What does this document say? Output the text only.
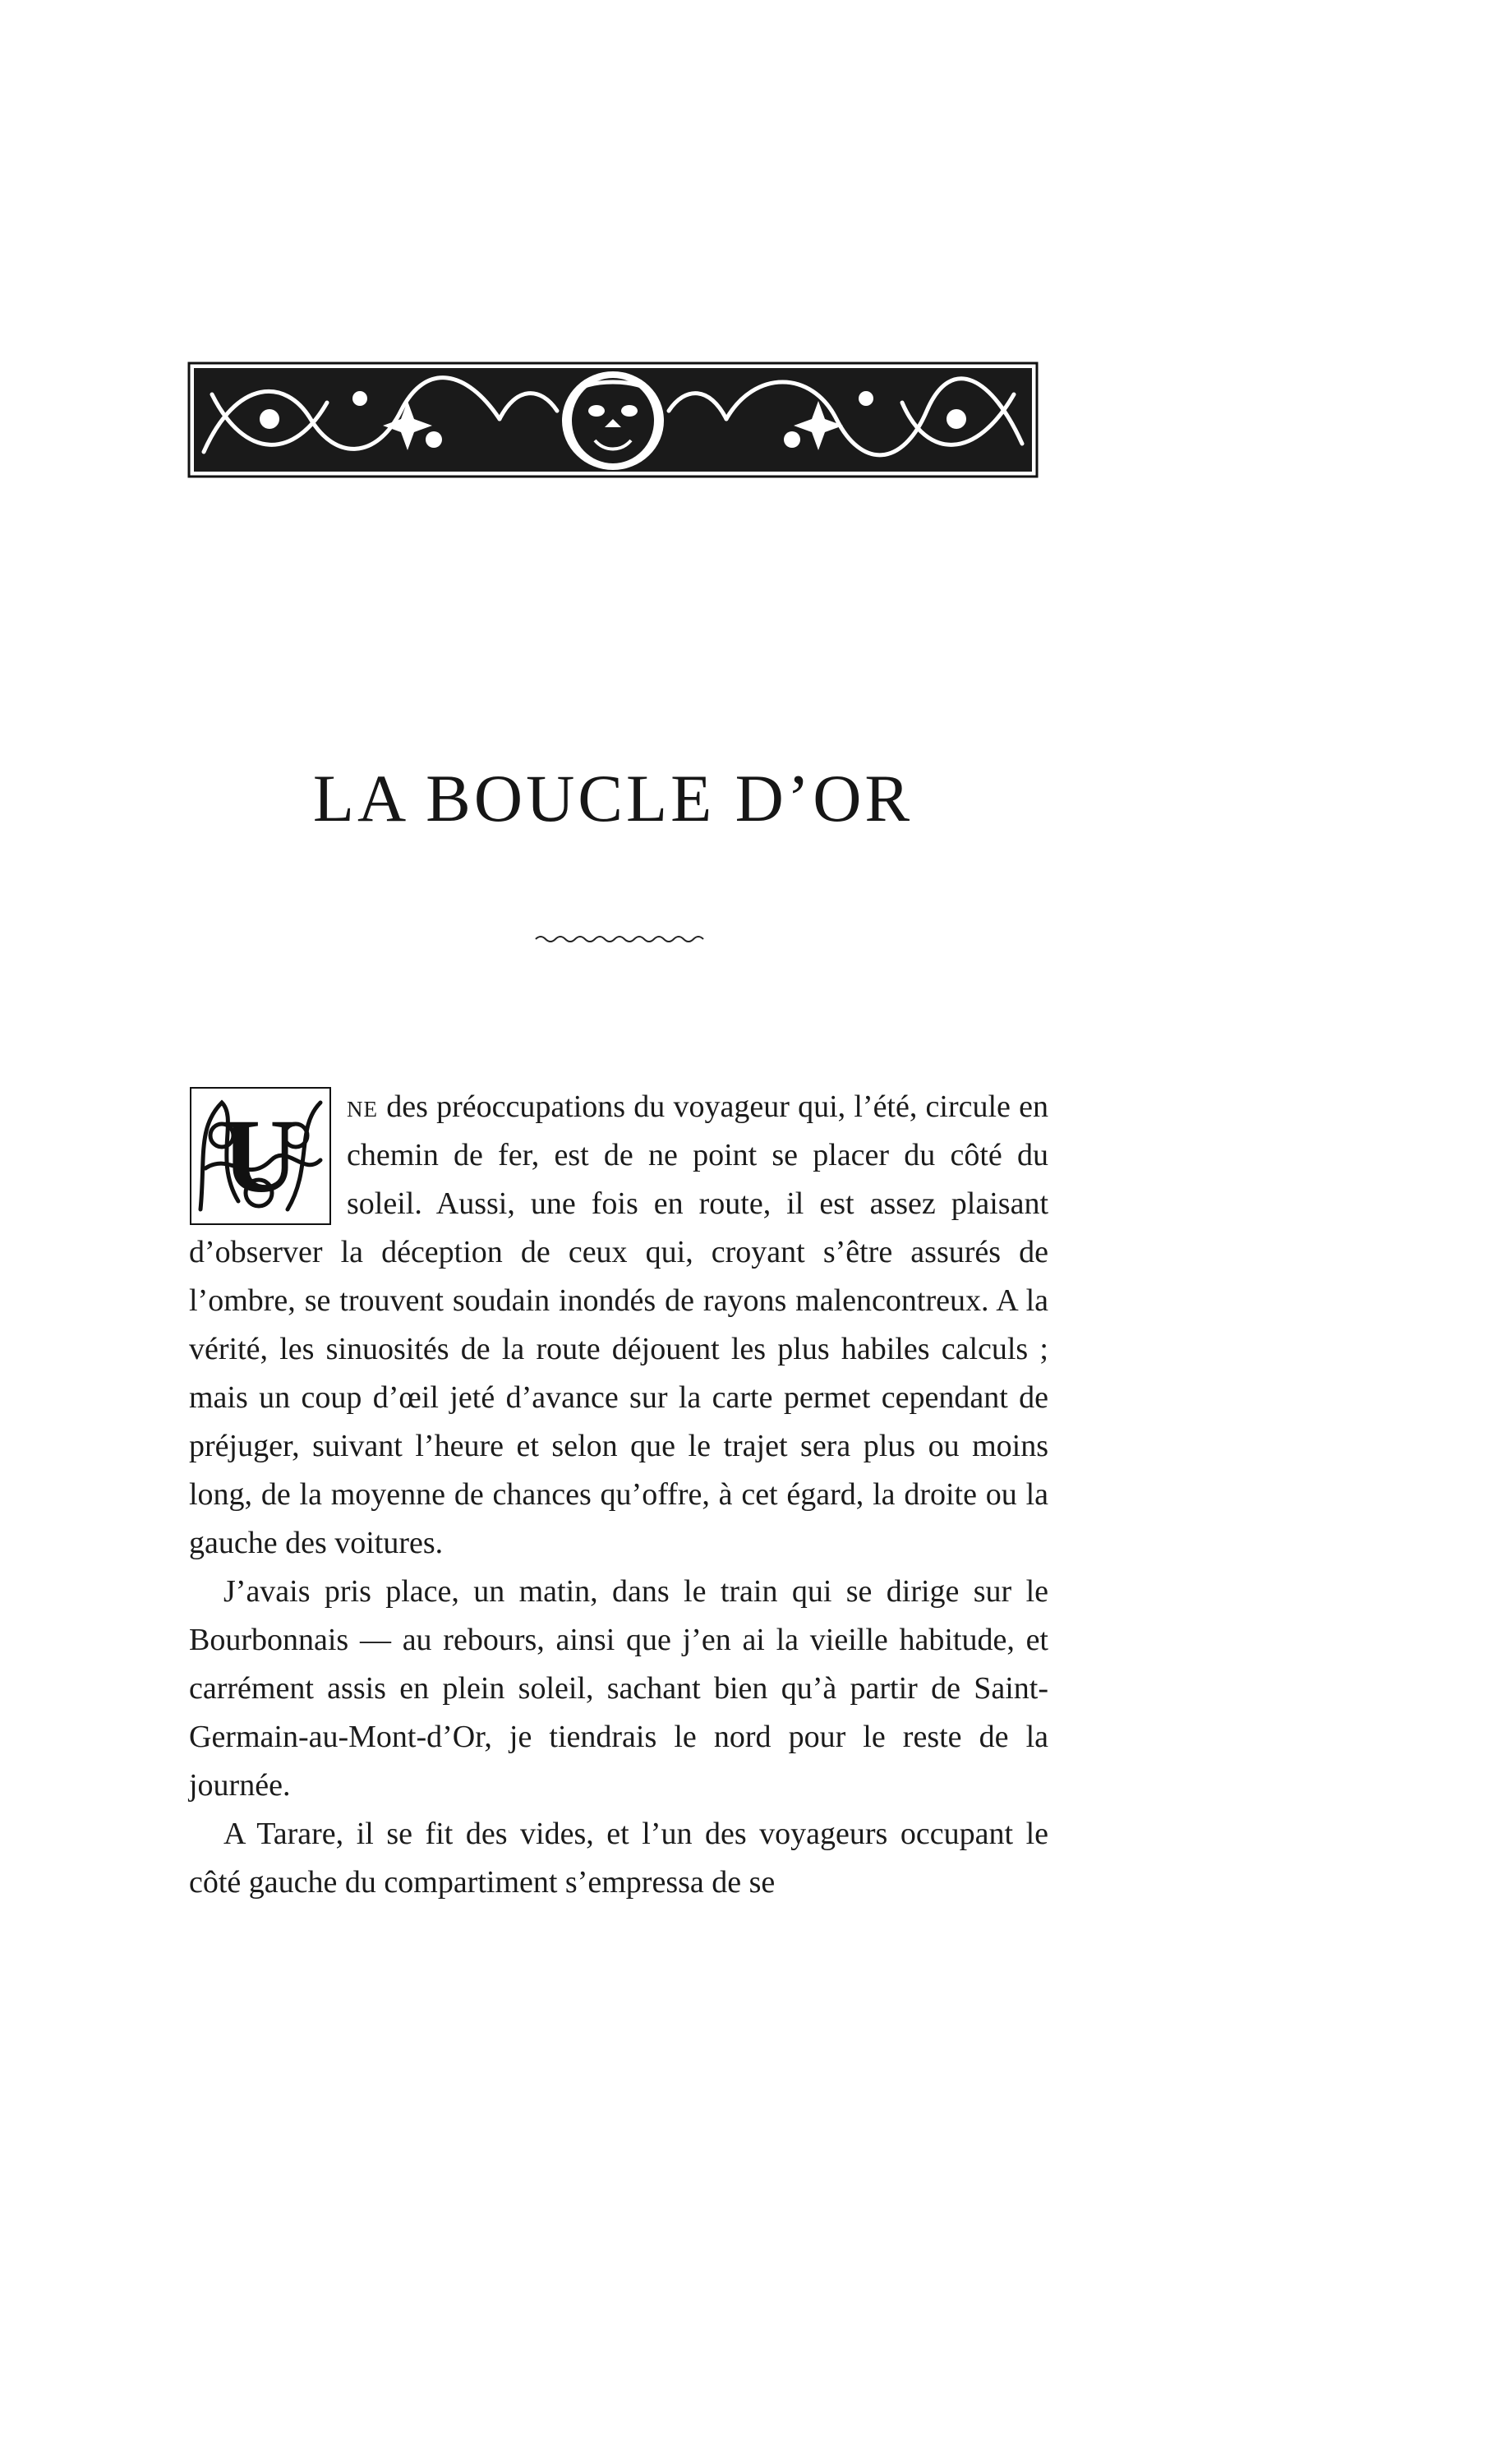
LA BOUCLE D’OR

U ne des préoccupations du voyageur qui, l’été, circule en chemin de fer, est de ne point se placer du côté du soleil. Aussi, une fois en route, il est assez plaisant d’observer la déception de ceux qui, croyant s’être assurés de l’ombre, se trouvent soudain inondés de rayons malencontreux. A la vérité, les sinuosités de la route déjouent les plus habiles calculs ; mais un coup d’œil jeté d’avance sur la carte permet cependant de préjuger, suivant l’heure et selon que le trajet sera plus ou moins long, de la moyenne de chances qu’offre, à cet égard, la droite ou la gauche des voitures.

J’avais pris place, un matin, dans le train qui se dirige sur le Bourbonnais — au rebours, ainsi que j’en ai la vieille habitude, et carrément assis en plein soleil, sachant bien qu’à partir de Saint-Germain-au-Mont-d’Or, je tiendrais le nord pour le reste de la journée.

A Tarare, il se fit des vides, et l’un des voyageurs occupant le côté gauche du compartiment s’empressa de se
